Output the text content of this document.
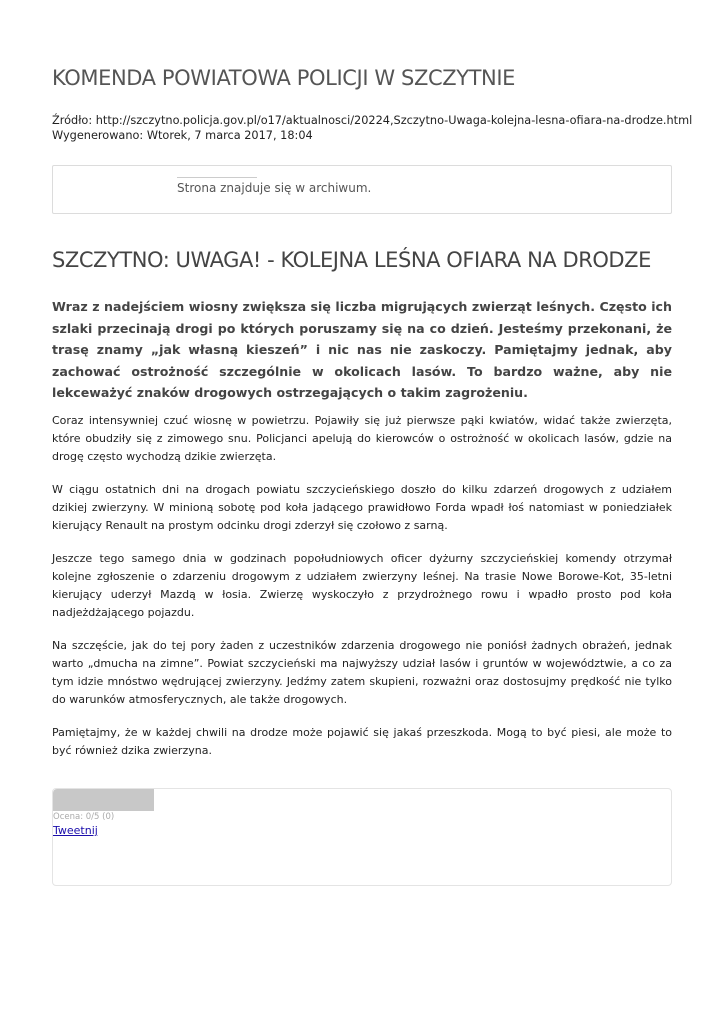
KOMENDA POWIATOWA POLICJI W SZCZYTNIE
Źródło: http://szczytno.policja.gov.pl/o17/aktualnosci/20224,Szczytno-Uwaga-kolejna-lesna-ofiara-na-drodze.html
Wygenerowano: Wtorek, 7 marca 2017, 18:04
Strona znajduje się w archiwum.
SZCZYTNO: UWAGA! - KOLEJNA LEŚNA OFIARA NA DRODZE

Wraz z nadejściem wiosny zwiększa się liczba migrujących zwierząt leśnych. Często ich szlaki przecinają drogi po których poruszamy się na co dzień. Jesteśmy przekonani, że trasę znamy „jak własną kieszeń” i nic nas nie zaskoczy. Pamiętajmy jednak, aby zachować ostrożność szczególnie w okolicach lasów. To bardzo ważne, aby nie lekceważyć znaków drogowych ostrzegających o takim zagrożeniu.

Coraz intensywniej czuć wiosnę w powietrzu. Pojawiły się już pierwsze pąki kwiatów, widać także zwierzęta, które obudziły się z zimowego snu. Policjanci apelują do kierowców o ostrożność w okolicach lasów, gdzie na drogę często wychodzą dzikie zwierzęta.

W ciągu ostatnich dni na drogach powiatu szczycieńskiego doszło do kilku zdarzeń drogowych z udziałem dzikiej zwierzyny. W minioną sobotę pod koła jadącego prawidłowo Forda wpadł łoś natomiast w poniedziałek kierujący Renault na prostym odcinku drogi zderzył się czołowo z sarną.

Jeszcze tego samego dnia w godzinach popołudniowych oficer dyżurny szczycieńskiej komendy otrzymał kolejne zgłoszenie o zdarzeniu drogowym z udziałem zwierzyny leśnej. Na trasie Nowe Borowe-Kot, 35-letni kierujący uderzył Mazdą w łosia. Zwierzę wyskoczyło z przydrożnego rowu i wpadło prosto pod koła nadjeżdżającego pojazdu.

Na szczęście, jak do tej pory żaden z uczestników zdarzenia drogowego nie poniósł żadnych obrażeń, jednak warto „dmucha na zimne”. Powiat szczycieński ma najwyższy udział lasów i gruntów w województwie, a co za tym idzie mnóstwo wędrującej zwierzyny. Jedźmy zatem skupieni, rozważni oraz dostosujmy prędkość nie tylko do warunków atmosferycznych, ale także drogowych.

Pamiętajmy, że w każdej chwili na drodze może pojawić się jakaś przeszkoda. Mogą to być piesi, ale może to być również dzika zwierzyna.

Ocena: 0/5 (0)
Tweetnij
